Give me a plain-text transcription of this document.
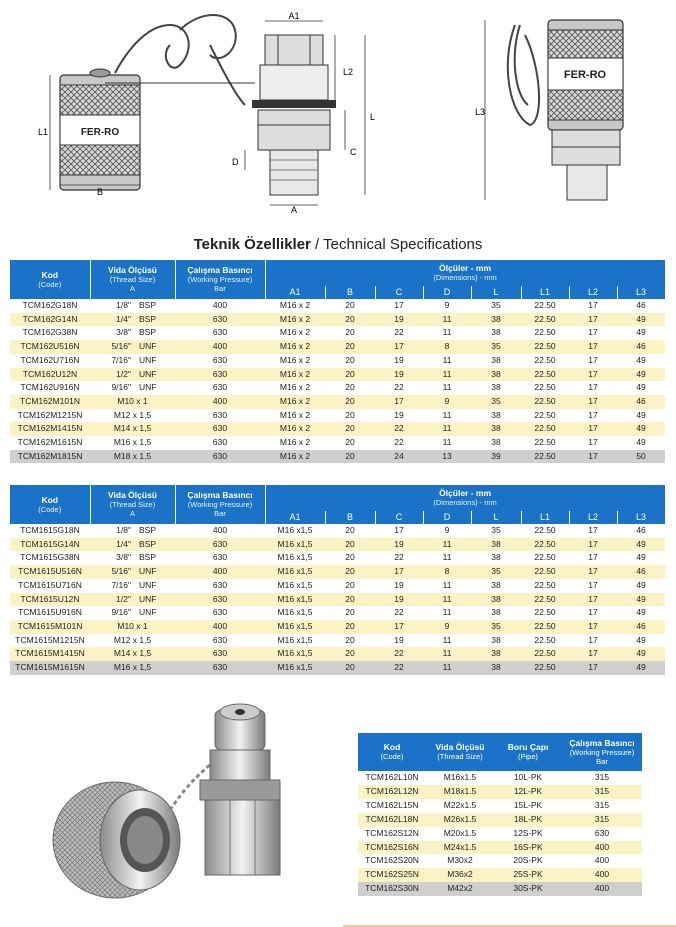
FER-RO
A1
L2
L
C
D
A
B
L1
L3
FER-RO
Teknik Özellikler / Technical Specifications
Kod
(Code)	Vida Ölçüsü
(Thread Size)
A		Çalışma Basıncı
(Working Pressure)
Bar	Ölçüler - mm
(Dimensions) - mm							

				A1	B	C	D	L	L1	L2	L3
TCM162G18N	1/8"	BSP	400	M16 x 2	20	17	9	35	22.50	17	46
TCM162G14N	1/4"	BSP	630	M16 x 2	20	19	11	38	22.50	17	49
TCM162G38N	3/8"	BSP	630	M16 x 2	20	22	11	38	22.50	17	49
TCM162U516N	5/16"	UNF	400	M16 x 2	20	17	8	35	22.50	17	46
TCM162U716N	7/16"	UNF	630	M16 x 2	20	19	11	38	22.50	17	49
TCM162U12N	1/2"	UNF	630	M16 x 2	20	19	11	38	22.50	17	49
TCM162U916N	9/16"	UNF	630	M16 x 2	20	22	11	38	22.50	17	49
TCM162M101N	M10 x 1		400	M16 x 2	20	17	9	35	22.50	17	46
TCM162M1215N	M12 x 1,5		630	M16 x 2	20	19	11	38	22.50	17	49
TCM162M1415N	M14 x 1,5		630	M16 x 2	20	22	11	38	22.50	17	49
TCM162M1615N	M16 x 1,5		630	M16 x 2	20	22	11	38	22.50	17	49
TCM162M1815N	M18 x 1,5		630	M16 x 2	20	24	13	39	22.50	17	50
Kod
(Code)	Vida Ölçüsü
(Thread Size)
A		Çalışma Basıncı
(Working Pressure)
Bar	Ölçüler - mm
(Dimensions) - mm							

				A1	B	C	D	L	L1	L2	L3
TCM1615G18N	1/8"	BSP	400	M16 x1,5	20	17	9	35	22.50	17	46
TCM1615G14N	1/4"	BSP	630	M16 x1,5	20	19	11	38	22.50	17	49
TCM1615G38N	3/8"	BSP	630	M16 x1,5	20	22	11	38	22.50	17	49
TCM1615U516N	5/16"	UNF	400	M16 x1,5	20	17	8	35	22.50	17	46
TCM1615U716N	7/16"	UNF	630	M16 x1,5	20	19	11	38	22.50	17	49
TCM1615U12N	1/2"	UNF	630	M16 x1,5	20	19	11	38	22.50	17	49
TCM1615U916N	9/16"	UNF	630	M16 x1,5	20	22	11	38	22.50	17	49
TCM1615M101N	M10 x 1		400	M16 x1,5	20	17	9	35	22.50	17	46
TCM1615M1215N	M12 x 1,5		630	M16 x1,5	20	19	11	38	22.50	17	49
TCM1615M1415N	M14 x 1,5		630	M16 x1,5	20	22	11	38	22.50	17	49
TCM1615M1615N	M16 x 1,5		630	M16 x1,5	20	22	11	38	22.50	17	49
Kod
(Code)	Vida Ölçüsü
(Thread Size)	Boru Çapı
(Pipe)	Çalışma Basıncı
(Working Pressure)
Bar

TCM162L10N	M16x1.5	10L-PK	315
TCM162L12N	M18x1.5	12L-PK	315
TCM162L15N	M22x1.5	15L-PK	315
TCM162L18N	M26x1.5	18L-PK	315
TCM162S12N	M20x1.5	12S-PK	630
TCM162S16N	M24x1.5	16S-PK	400
TCM162S20N	M30x2	20S-PK	400
TCM162S25N	M36x2	25S-PK	400
TCM162S30N	M42x2	30S-PK	400
